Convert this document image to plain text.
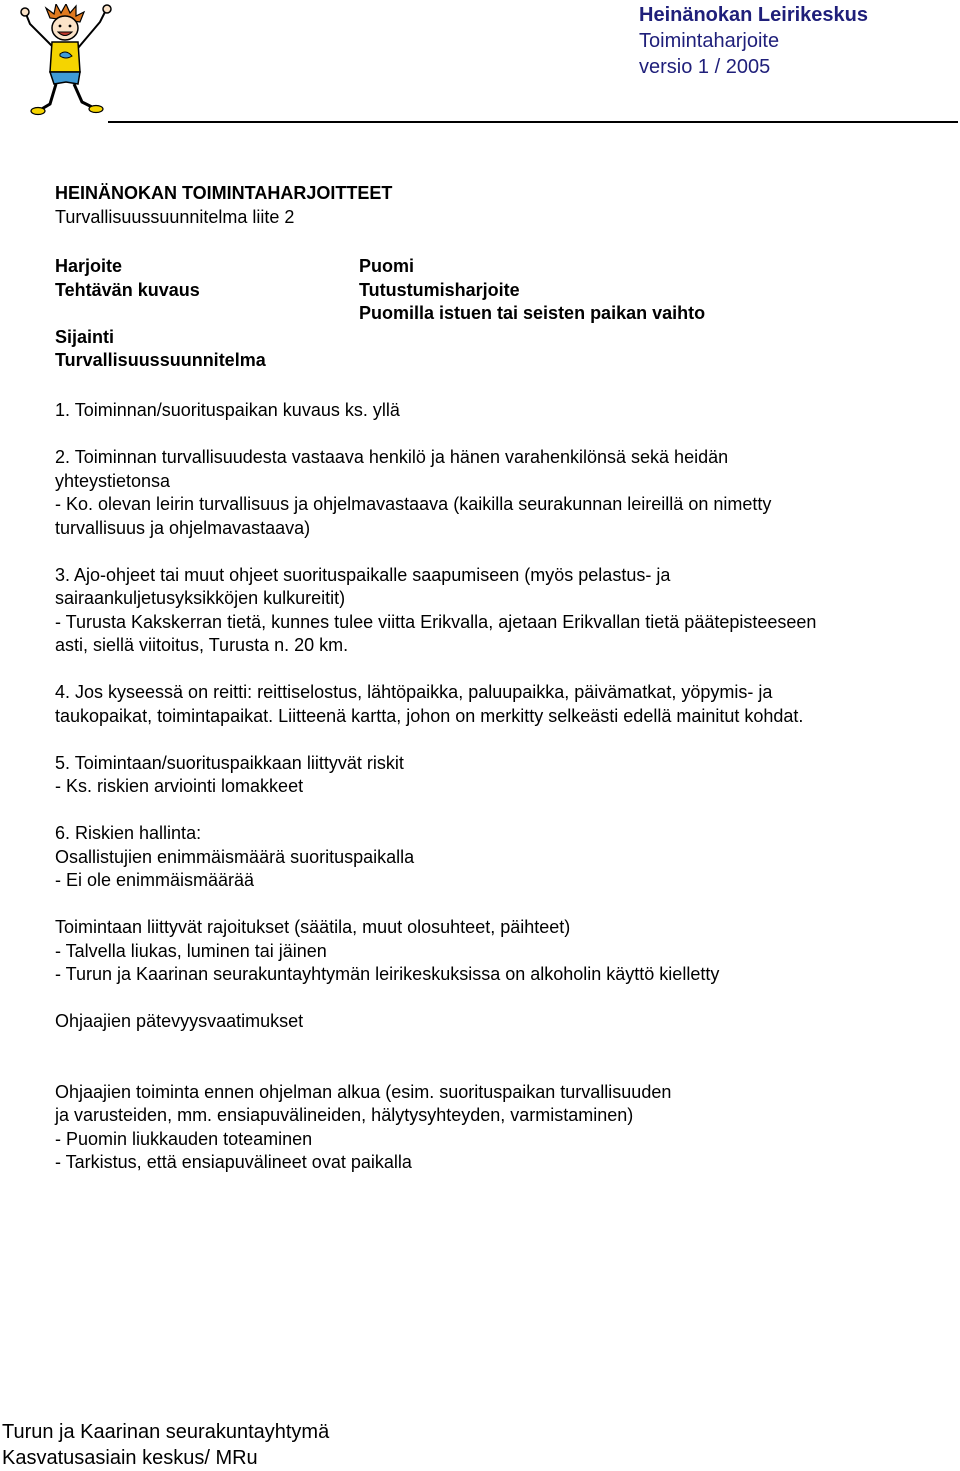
Heinänokan Leirikeskus
Toimintaharjoite
versio 1 / 2005
HEINÄNOKAN TOIMINTAHARJOITTEET
Turvallisuussuunnitelma liite 2
Harjoite
Tehtävän kuvaus
Sijainti
Turvallisuussuunnitelma
Puomi
Tutustumisharjoite
Puomilla istuen tai seisten paikan vaihto

1. Toiminnan/suorituspaikan kuvaus ks. yllä

2. Toiminnan turvallisuudesta vastaava henkilö ja hänen varahenkilönsä sekä heidän
yhteystietonsa
- Ko. olevan leirin turvallisuus ja ohjelmavastaava (kaikilla seurakunnan leireillä on nimetty
turvallisuus ja ohjelmavastaava)

3. Ajo-ohjeet tai muut ohjeet suorituspaikalle saapumiseen (myös pelastus- ja
sairaankuljetusyksikköjen kulkureitit)
- Turusta Kakskerran tietä, kunnes tulee viitta Erikvalla, ajetaan Erikvallan tietä päätepisteeseen
asti, siellä viitoitus, Turusta n. 20 km.

4. Jos kyseessä on reitti: reittiselostus, lähtöpaikka, paluupaikka, päivämatkat, yöpymis- ja
taukopaikat, toimintapaikat. Liitteenä kartta, johon on merkitty selkeästi edellä mainitut kohdat.

5. Toimintaan/suorituspaikkaan liittyvät riskit
- Ks. riskien arviointi lomakkeet

6. Riskien hallinta:
Osallistujien enimmäismäärä suorituspaikalla
- Ei ole enimmäismäärää

Toimintaan liittyvät rajoitukset (säätila, muut olosuhteet, päihteet)
- Talvella liukas, luminen tai jäinen
- Turun ja Kaarinan seurakuntayhtymän leirikeskuksissa on alkoholin käyttö kielletty

Ohjaajien pätevyysvaatimukset

Ohjaajien toiminta ennen ohjelman alkua (esim. suorituspaikan turvallisuuden
ja varusteiden, mm. ensiapuvälineiden, hälytysyhteyden, varmistaminen)
- Puomin liukkauden toteaminen
- Tarkistus, että ensiapuvälineet ovat paikalla

Turun ja Kaarinan seurakuntayhtymä
Kasvatusasiain keskus/ MRu
